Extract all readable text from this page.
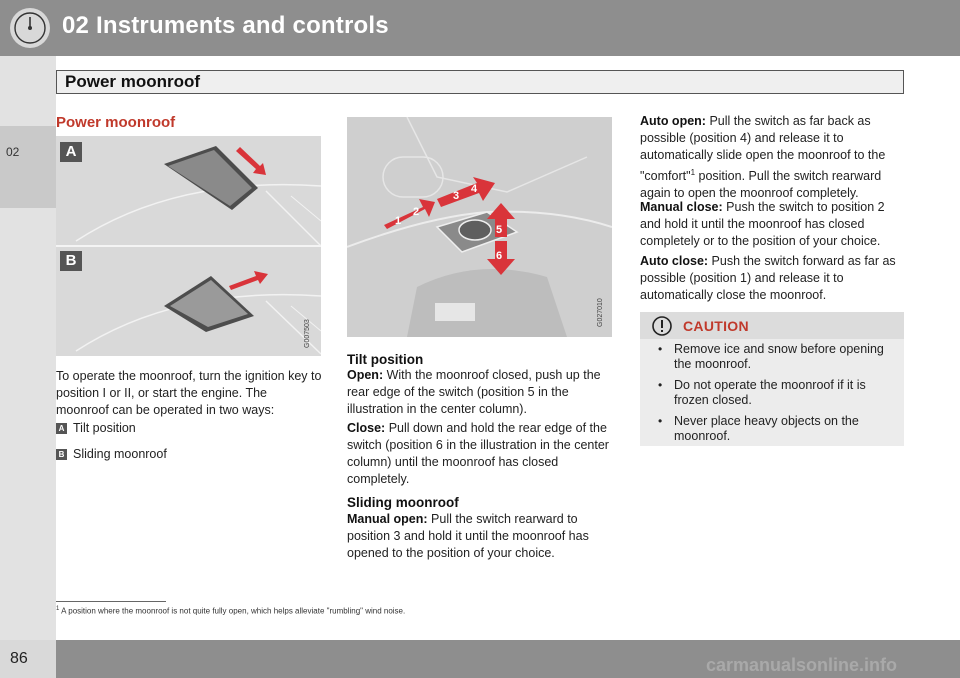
02 Instruments and controls
02
Power moonroof
Power moonroof
A
B
G007503
To operate the moonroof, turn the ignition key to position I or II, or start the engine. The moonroof can be operated in two ways:
A Tilt position
B Sliding moonroof
1
2
3
4
5
6
G027010
Tilt position
Open: With the moonroof closed, push up the rear edge of the switch (position 5 in the illustration in the center column).
Close: Pull down and hold the rear edge of the switch (position 6 in the illustration in the center column) until the moonroof has closed completely.
Sliding moonroof
Manual open: Pull the switch rearward to position 3 and hold it until the moonroof has opened to the position of your choice.
Auto open: Pull the switch as far back as possible (position 4) and release it to automatically slide open the moonroof to the "comfort"$^1$ position. Pull the switch rearward again to open the moonroof completely.
Manual close: Push the switch to position 2 and hold it until the moonroof has closed completely or to the position of your choice.
Auto close: Push the switch forward as far as possible (position 1) and release it to automatically close the moonroof.
CAUTION
• Remove ice and snow before opening the moonroof.
• Do not operate the moonroof if it is frozen closed.
• Never place heavy objects on the moonroof.
$^1$ A position where the moonroof is not quite fully open, which helps alleviate "rumbling" wind noise.
86	carmanualsonline.info
